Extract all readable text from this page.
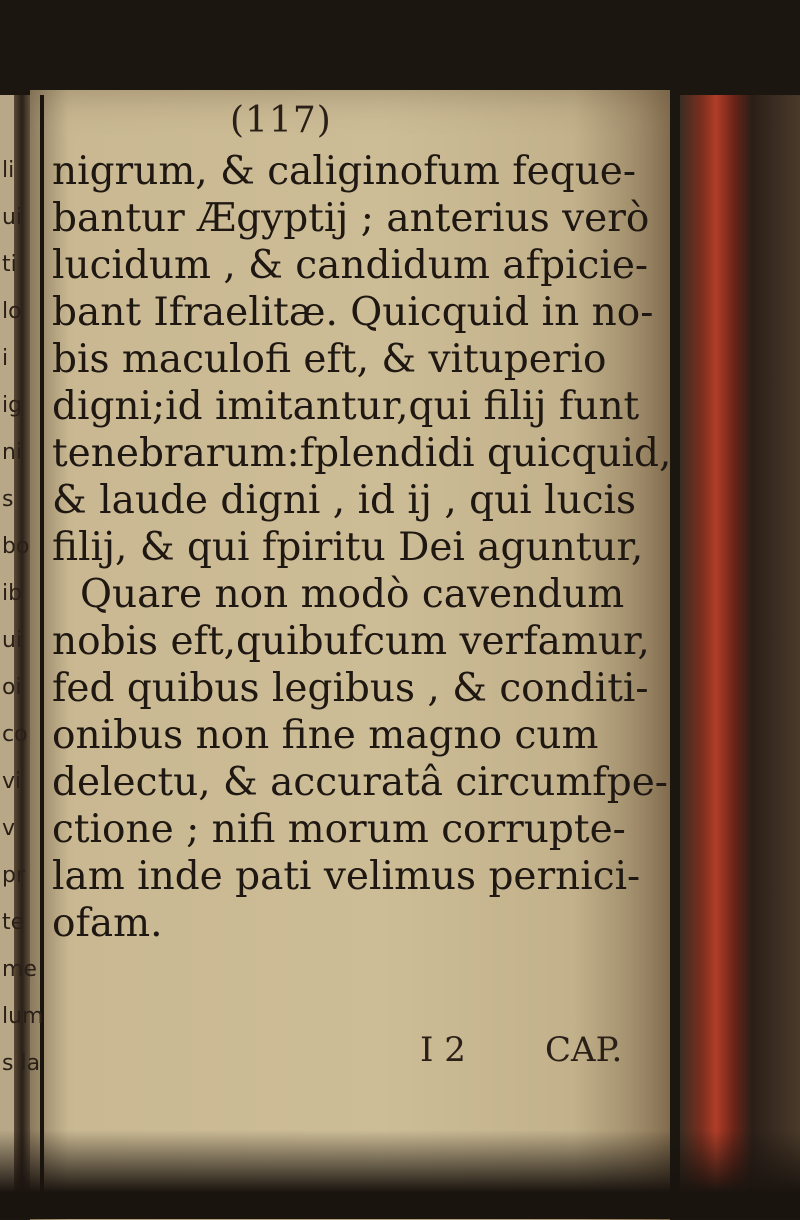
(117)
nigrum, & caliginofum feque-
bantur Ægyptij ; anterius verò
lucidum , & candidum afpicie-
bant Ifraelitæ. Quicquid in no-
bis maculofi eft, & vituperio
digni;id imitantur,qui filij funt
tenebrarum:fplendidi quicquid,
& laude digni , id ij , qui lucis
filij, & qui fpiritu Dei aguntur,
Quare non modò cavendum
nobis eft,quibufcum verfamur,
fed quibus legibus , & conditi-
onibus non fine magno cum
delectu, & accuratâ circumfpe-
ctione ; nifi morum corrupte-
lam inde pati velimus pernici-
ofam.
li
ui
ti
lo
i
ig
ni
s
bo
ib
ui
oi
co
vi
v
pr
te
me
lum
s la	I 2 CAP.
